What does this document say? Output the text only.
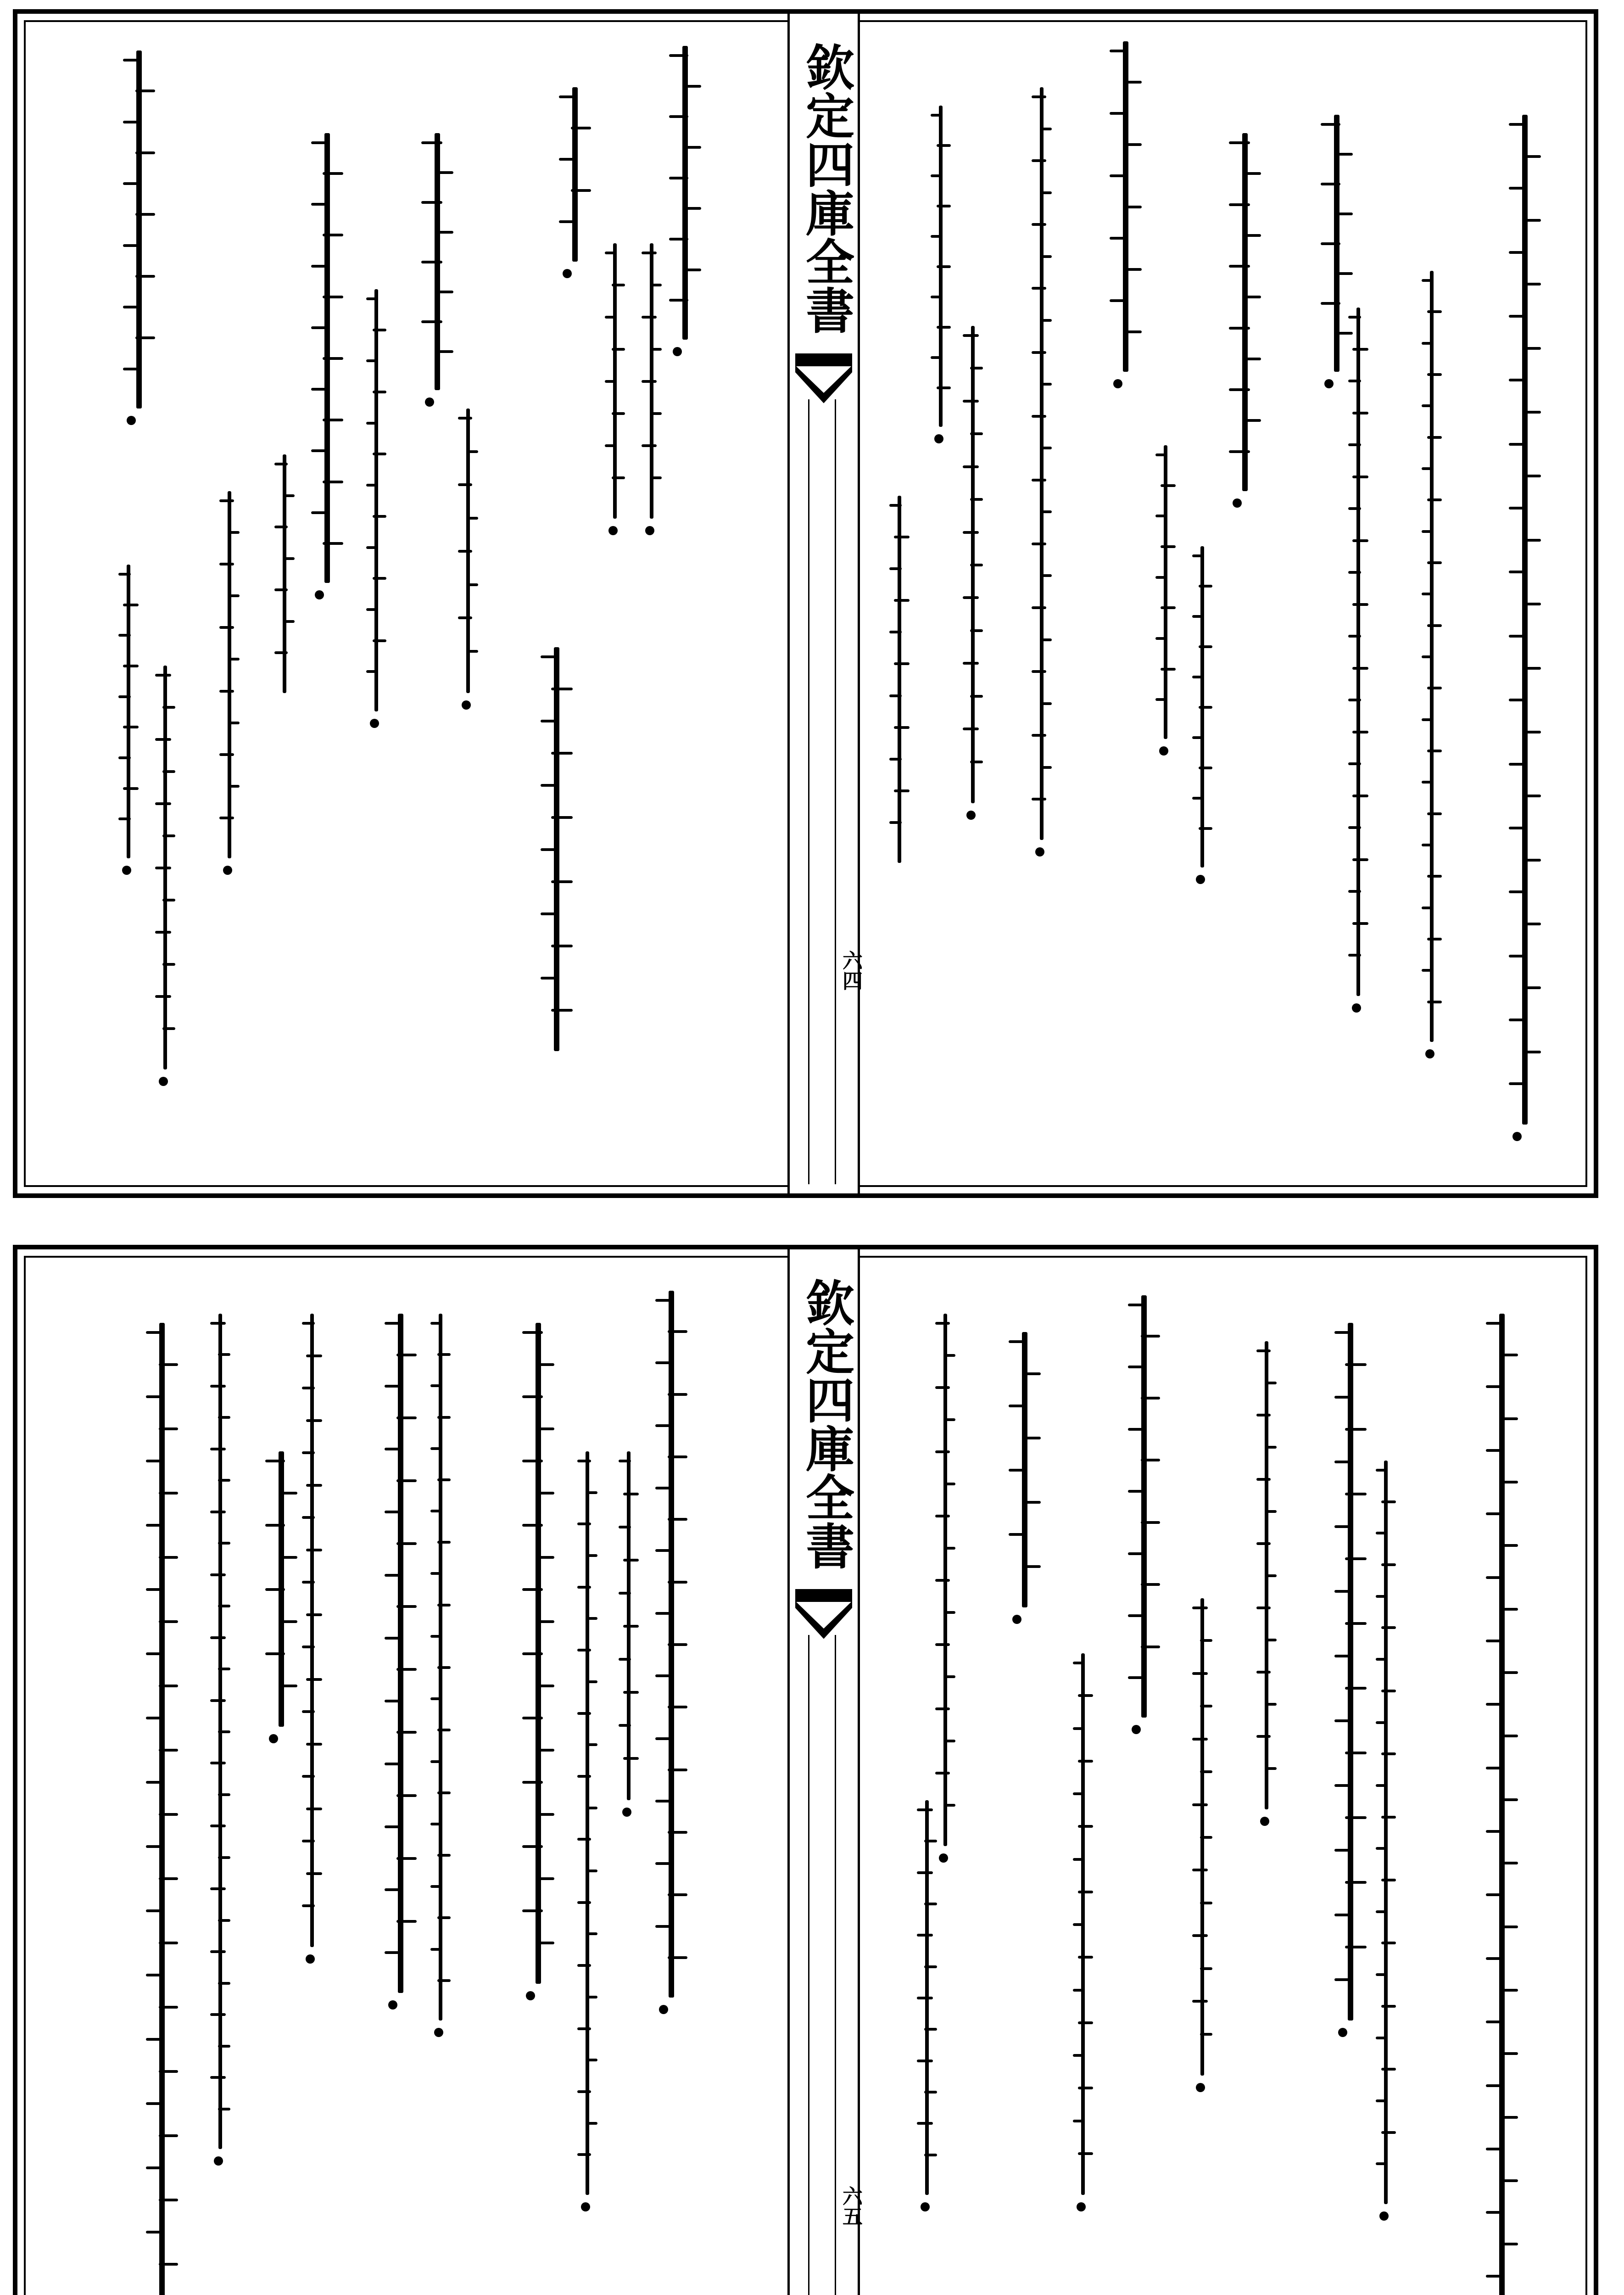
欽定四庫全書
六四
欽定四庫全書
六五
